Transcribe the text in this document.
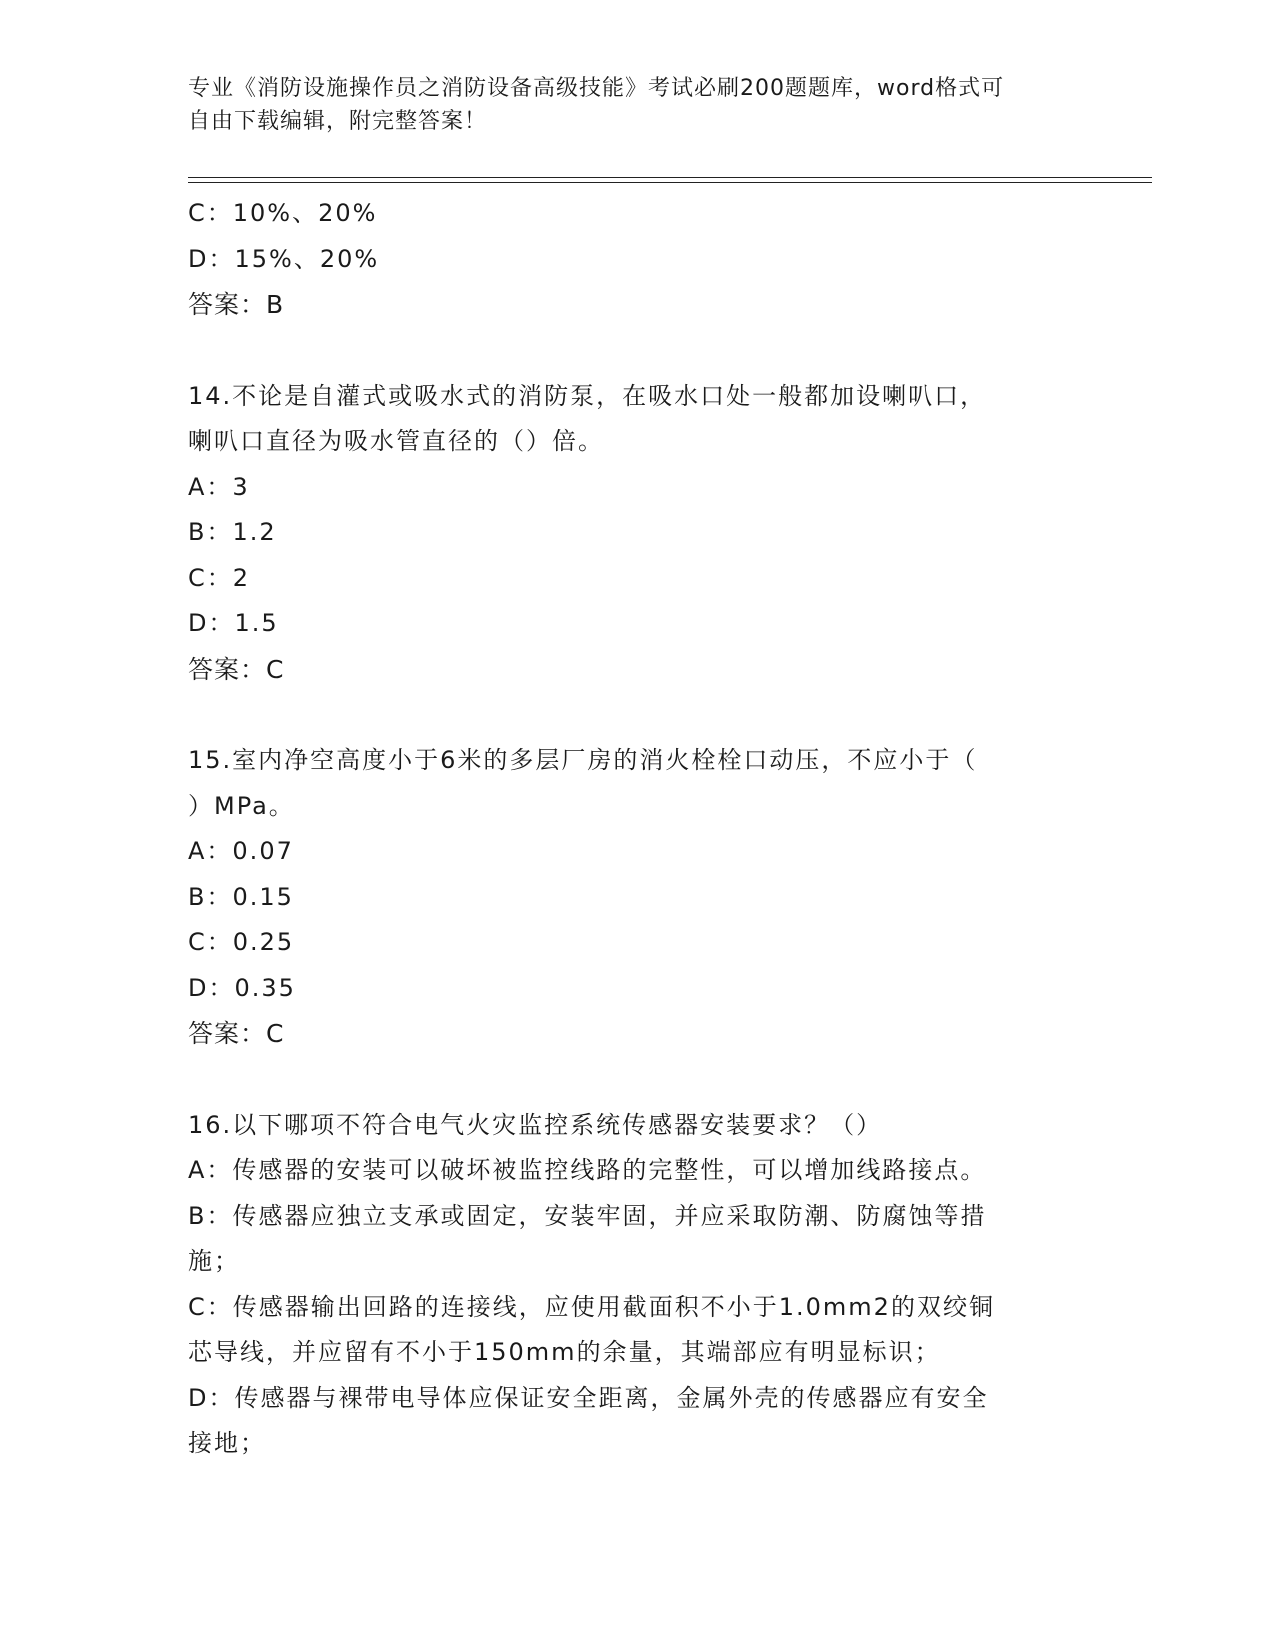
专业《消防设施操作员之消防设备高级技能》考试必刷200题题库，word格式可
自由下载编辑，附完整答案！
C：10%、20%
D：15%、20%
答案：B
14.不论是自灌式或吸水式的消防泵，在吸水口处一般都加设喇叭口，
喇叭口直径为吸水管直径的（）倍。
A：3
B：1.2
C：2
D：1.5
答案：C
15.室内净空高度小于6米的多层厂房的消火栓栓口动压，不应小于（
）MPa。
A：0.07
B：0.15
C：0.25
D：0.35
答案：C
16.以下哪项不符合电气火灾监控系统传感器安装要求？（）
A：传感器的安装可以破坏被监控线路的完整性，可以增加线路接点。
B：传感器应独立支承或固定，安装牢固，并应采取防潮、防腐蚀等措
施；
C：传感器输出回路的连接线，应使用截面积不小于1.0mm2的双绞铜
芯导线，并应留有不小于150mm的余量，其端部应有明显标识；
D：传感器与裸带电导体应保证安全距离，金属外壳的传感器应有安全
接地；
